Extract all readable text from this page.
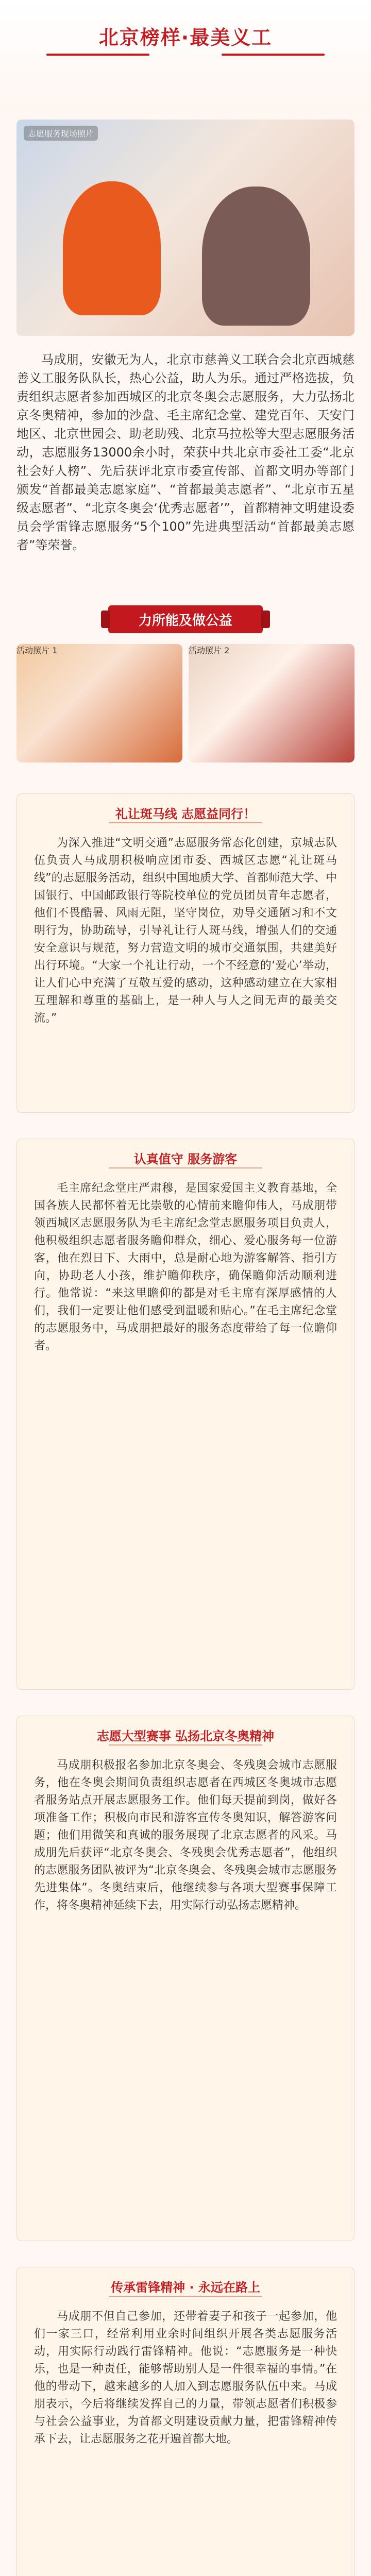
北京榜样·最美义工
志愿服务现场照片
马成朋，安徽无为人，北京市慈善义工联合会北京西城慈善义工服务队队长，热心公益，助人为乐。通过严格选拔，负责组织志愿者参加西城区的北京冬奥会志愿服务，大力弘扬北京冬奥精神，参加的沙盘、毛主席纪念堂、建党百年、天安门地区、北京世园会、助老助残、北京马拉松等大型志愿服务活动，志愿服务13000余小时，荣获中共北京市委社工委“北京社会好人榜”、先后获评北京市委宣传部、首都文明办等部门颁发“首都最美志愿家庭”、“首都最美志愿者”、“北京市五星级志愿者”、“北京冬奥会‘优秀志愿者’”，首都精神文明建设委员会学雷锋志愿服务“5个100”先进典型活动“首都最美志愿者”等荣誉。
力所能及做公益
活动照片 1	活动照片 2
礼让斑马线 志愿益同行！
为深入推进“文明交通”志愿服务常态化创建，京城志队伍负责人马成朋积极响应团市委、西城区志愿“礼让斑马线”的志愿服务活动，组织中国地质大学、首都师范大学、中国银行、中国邮政银行等院校单位的党员团员青年志愿者，他们不畏酷暑、风雨无阻，坚守岗位，劝导交通陋习和不文明行为，协助疏导，引导礼让行人斑马线，增强人们的交通安全意识与规范，努力营造文明的城市交通氛围，共建美好出行环境。“大家一个礼让行动，一个不经意的‘爱心’举动，让人们心中充满了互敬互爱的感动，这种感动建立在大家相互理解和尊重的基础上，是一种人与人之间无声的最美交流。”
认真值守 服务游客
毛主席纪念堂庄严肃穆，是国家爱国主义教育基地，全国各族人民都怀着无比崇敬的心情前来瞻仰伟人，马成朋带领西城区志愿服务队为毛主席纪念堂志愿服务项目负责人，他积极组织志愿者服务瞻仰群众，细心、爱心服务每一位游客，他在烈日下、大雨中，总是耐心地为游客解答、指引方向，协助老人小孩，维护瞻仰秩序，确保瞻仰活动顺利进行。他常说：“来这里瞻仰的都是对毛主席有深厚感情的人们，我们一定要让他们感受到温暖和贴心。”在毛主席纪念堂的志愿服务中，马成朋把最好的服务态度带给了每一位瞻仰者。
志愿大型赛事 弘扬北京冬奥精神
马成朋积极报名参加北京冬奥会、冬残奥会城市志愿服务，他在冬奥会期间负责组织志愿者在西城区冬奥城市志愿者服务站点开展志愿服务工作。他们每天提前到岗，做好各项准备工作；积极向市民和游客宣传冬奥知识，解答游客问题；他们用微笑和真诚的服务展现了北京志愿者的风采。马成朋先后获评“北京冬奥会、冬残奥会优秀志愿者”，他组织的志愿服务团队被评为“北京冬奥会、冬残奥会城市志愿服务先进集体”。冬奥结束后，他继续参与各项大型赛事保障工作，将冬奥精神延续下去，用实际行动弘扬志愿精神。
传承雷锋精神 · 永远在路上
马成朋不但自己参加，还带着妻子和孩子一起参加，他们一家三口，经常利用业余时间组织开展各类志愿服务活动，用实际行动践行雷锋精神。他说：“志愿服务是一种快乐，也是一种责任，能够帮助别人是一件很幸福的事情。”在他的带动下，越来越多的人加入到志愿服务队伍中来。马成朋表示，今后将继续发挥自己的力量，带领志愿者们积极参与社会公益事业，为首都文明建设贡献力量，把雷锋精神传承下去，让志愿服务之花开遍首都大地。
